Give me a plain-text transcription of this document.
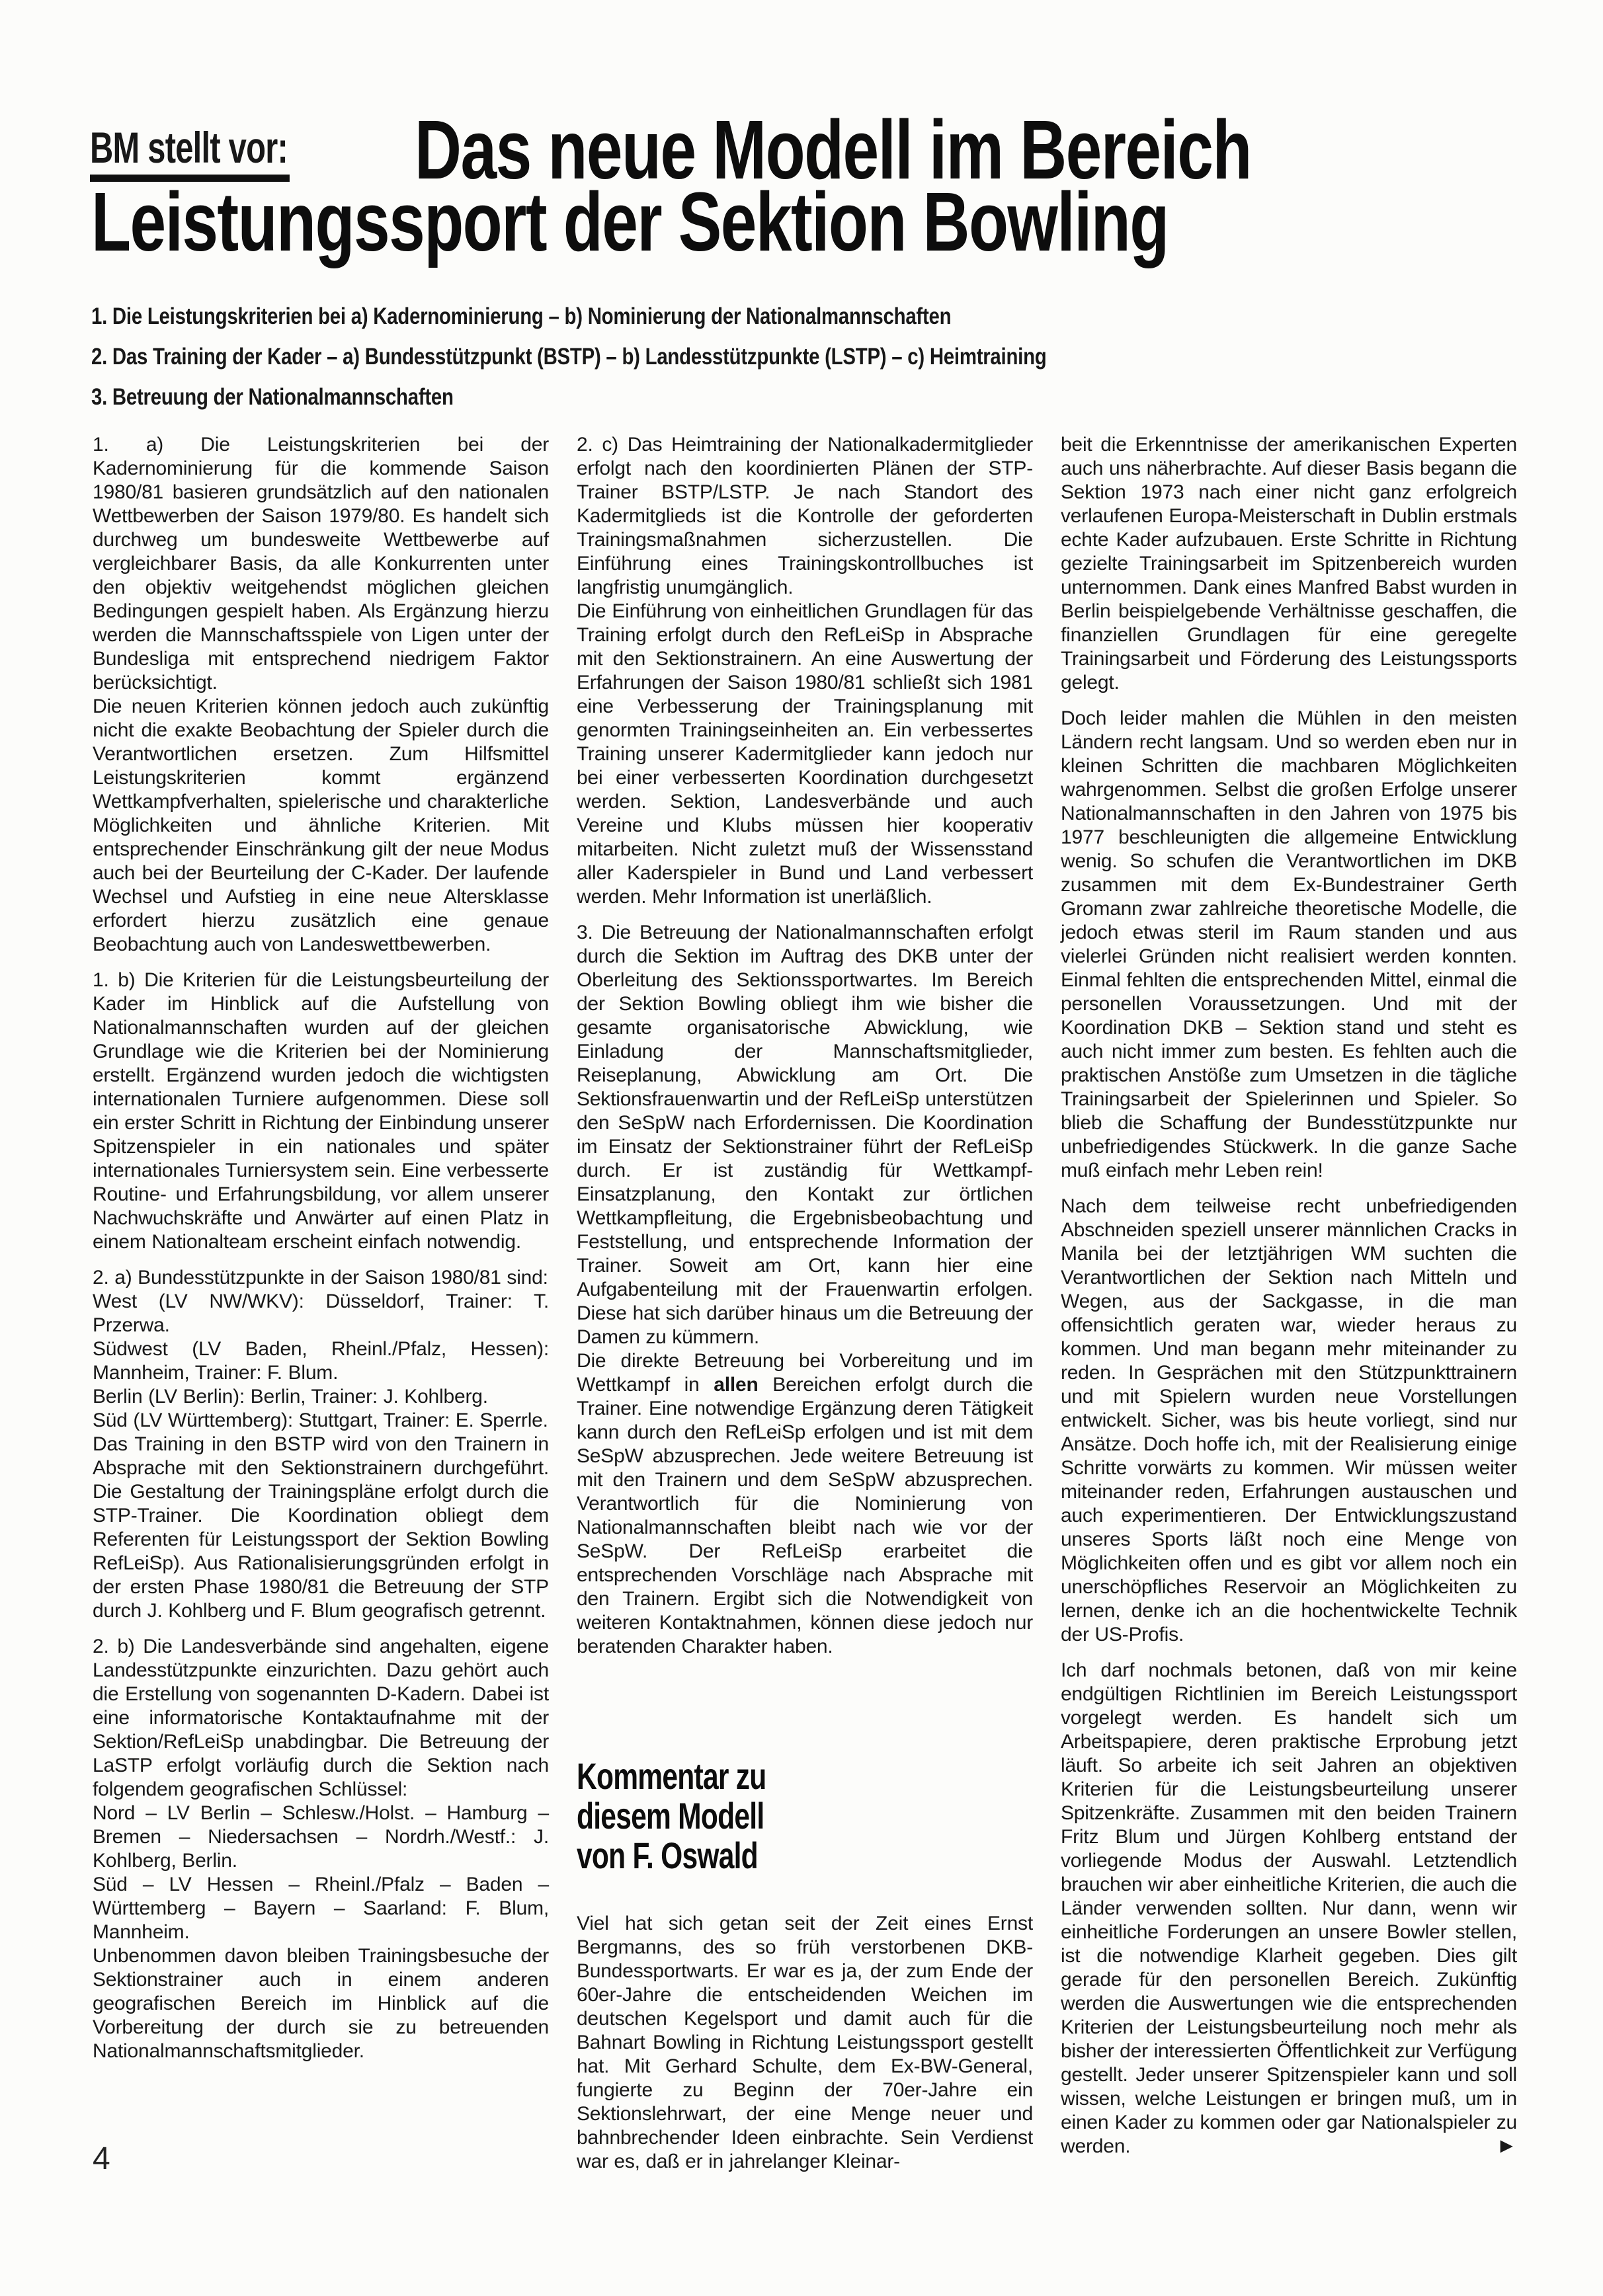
BM stellt vor:	Das neue Modell im Bereich
Leistungssport der Sektion Bowling
1. Die Leistungskriterien bei a) Kadernominierung – b) Nominierung der Nationalmannschaften
2. Das Training der Kader – a) Bundesstützpunkt (BSTP) – b) Landesstützpunkte (LSTP) – c) Heimtraining
3. Betreuung der Nationalmannschaften

1. a) Die Leistungskriterien bei der Kadernominierung für die kommende Saison 1980/81 basieren grundsätzlich auf den nationalen Wettbewerben der Saison 1979/80. Es handelt sich durchweg um bundesweite Wettbewerbe auf vergleichbarer Basis, da alle Konkurrenten unter den objektiv weitgehendst möglichen gleichen Bedingungen gespielt haben. Als Ergänzung hierzu werden die Mannschaftsspiele von Ligen unter der Bundesliga mit entsprechend niedrigem Faktor berücksichtigt.

Die neuen Kriterien können jedoch auch zukünftig nicht die exakte Beobachtung der Spieler durch die Verantwortlichen ersetzen. Zum Hilfsmittel Leistungskriterien kommt ergänzend Wettkampfverhalten, spielerische und charakterliche Möglichkeiten und ähnliche Kriterien. Mit entsprechender Einschränkung gilt der neue Modus auch bei der Beurteilung der C-Kader. Der laufende Wechsel und Aufstieg in eine neue Altersklasse erfordert hierzu zusätzlich eine genaue Beobachtung auch von Landeswettbewerben.

1. b) Die Kriterien für die Leistungsbeurteilung der Kader im Hinblick auf die Aufstellung von Nationalmannschaften wurden auf der gleichen Grundlage wie die Kriterien bei der Nominierung erstellt. Ergänzend wurden jedoch die wichtigsten internationalen Turniere aufgenommen. Diese soll ein erster Schritt in Richtung der Einbindung unserer Spitzenspieler in ein nationales und später internationales Turniersystem sein. Eine verbesserte Routine- und Erfahrungsbildung, vor allem unserer Nachwuchskräfte und Anwärter auf einen Platz in einem Nationalteam erscheint einfach notwendig.

2. a) Bundesstützpunkte in der Saison 1980/81 sind:

West (LV NW/WKV): Düsseldorf, Trainer: T. Przerwa.

Südwest (LV Baden, Rheinl./Pfalz, Hessen): Mannheim, Trainer: F. Blum.

Berlin (LV Berlin): Berlin, Trainer: J. Kohlberg.

Süd (LV Württemberg): Stuttgart, Trainer: E. Sperrle.

Das Training in den BSTP wird von den Trainern in Absprache mit den Sektionstrainern durchgeführt. Die Gestaltung der Trainingspläne erfolgt durch die STP-Trainer. Die Koordination obliegt dem Referenten für Leistungssport der Sektion Bowling RefLeiSp). Aus Rationalisierungsgründen erfolgt in der ersten Phase 1980/81 die Betreuung der STP durch J. Kohlberg und F. Blum geografisch getrennt.

2. b) Die Landesverbände sind angehalten, eigene Landesstützpunkte einzurichten. Dazu gehört auch die Erstellung von sogenannten D-Kadern. Dabei ist eine informatorische Kontaktaufnahme mit der Sektion/RefLeiSp unabdingbar. Die Betreuung der LaSTP erfolgt vorläufig durch die Sektion nach folgendem geografischen Schlüssel:

Nord – LV Berlin – Schlesw./Holst. – Hamburg – Bremen – Niedersachsen – Nordrh./Westf.: J. Kohlberg, Berlin.

Süd – LV Hessen – Rheinl./Pfalz – Baden – Württemberg – Bayern – Saarland: F. Blum, Mannheim.

Unbenommen davon bleiben Trainingsbesuche der Sektionstrainer auch in einem anderen geografischen Bereich im Hinblick auf die Vorbereitung der durch sie zu betreuenden Nationalmannschaftsmitglieder.

2. c) Das Heimtraining der Nationalkadermitglieder erfolgt nach den koordinierten Plänen der STP-Trainer BSTP/LSTP. Je nach Standort des Kadermitglieds ist die Kontrolle der geforderten Trainingsmaßnahmen sicherzustellen. Die Einführung eines Trainingskontrollbuches ist langfristig unumgänglich.

Die Einführung von einheitlichen Grundlagen für das Training erfolgt durch den RefLeiSp in Absprache mit den Sektionstrainern. An eine Auswertung der Erfahrungen der Saison 1980/81 schließt sich 1981 eine Verbesserung der Trainingsplanung mit genormten Trainingseinheiten an. Ein verbessertes Training unserer Kadermitglieder kann jedoch nur bei einer verbesserten Koordination durchgesetzt werden. Sektion, Landesverbände und auch Vereine und Klubs müssen hier kooperativ mitarbeiten. Nicht zuletzt muß der Wissensstand aller Kaderspieler in Bund und Land verbessert werden. Mehr Information ist unerläßlich.

3. Die Betreuung der Nationalmannschaften erfolgt durch die Sektion im Auftrag des DKB unter der Oberleitung des Sektionssportwartes. Im Bereich der Sektion Bowling obliegt ihm wie bisher die gesamte organisatorische Abwicklung, wie Einladung der Mannschaftsmitglieder, Reiseplanung, Abwicklung am Ort. Die Sektionsfrauenwartin und der RefLeiSp unterstützen den SeSpW nach Erfordernissen. Die Koordination im Einsatz der Sektionstrainer führt der RefLeiSp durch. Er ist zuständig für Wettkampf-Einsatzplanung, den Kontakt zur örtlichen Wettkampfleitung, die Ergebnisbeobachtung und Feststellung, und entsprechende Information der Trainer. Soweit am Ort, kann hier eine Aufgabenteilung mit der Frauenwartin erfolgen. Diese hat sich darüber hinaus um die Betreuung der Damen zu kümmern.

Die direkte Betreuung bei Vorbereitung und im Wettkampf in allen Bereichen erfolgt durch die Trainer. Eine notwendige Ergänzung deren Tätigkeit kann durch den RefLeiSp erfolgen und ist mit dem SeSpW abzusprechen. Jede weitere Betreuung ist mit den Trainern und dem SeSpW abzusprechen. Verantwortlich für die Nominierung von Nationalmannschaften bleibt nach wie vor der SeSpW. Der RefLeiSp erarbeitet die entsprechenden Vorschläge nach Absprache mit den Trainern. Ergibt sich die Notwendigkeit von weiteren Kontaktnahmen, können diese jedoch nur beratenden Charakter haben.

Kommentar zu
diesem Modell
von F. Oswald

Viel hat sich getan seit der Zeit eines Ernst Bergmanns, des so früh verstorbenen DKB-Bundessportwarts. Er war es ja, der zum Ende der 60er-Jahre die entscheidenden Weichen im deutschen Kegelsport und damit auch für die Bahnart Bowling in Richtung Leistungssport gestellt hat. Mit Gerhard Schulte, dem Ex-BW-General, fungierte zu Beginn der 70er-Jahre ein Sektionslehrwart, der eine Menge neuer und bahnbrechender Ideen einbrachte. Sein Verdienst war es, daß er in jahrelanger Kleinar-

beit die Erkenntnisse der amerikanischen Experten auch uns näherbrachte. Auf dieser Basis begann die Sektion 1973 nach einer nicht ganz erfolgreich verlaufenen Europa-Meisterschaft in Dublin erstmals echte Kader aufzubauen. Erste Schritte in Richtung gezielte Trainingsarbeit im Spitzenbereich wurden unternommen. Dank eines Manfred Babst wurden in Berlin beispielgebende Verhältnisse geschaffen, die finanziellen Grundlagen für eine geregelte Trainingsarbeit und Förderung des Leistungssports gelegt.

Doch leider mahlen die Mühlen in den meisten Ländern recht langsam. Und so werden eben nur in kleinen Schritten die machbaren Möglichkeiten wahrgenommen. Selbst die großen Erfolge unserer Nationalmannschaften in den Jahren von 1975 bis 1977 beschleunigten die allgemeine Entwicklung wenig. So schufen die Verantwortlichen im DKB zusammen mit dem Ex-Bundestrainer Gerth Gromann zwar zahlreiche theoretische Modelle, die jedoch etwas steril im Raum standen und aus vielerlei Gründen nicht realisiert werden konnten. Einmal fehlten die entsprechenden Mittel, einmal die personellen Voraussetzungen. Und mit der Koordination DKB – Sektion stand und steht es auch nicht immer zum besten. Es fehlten auch die praktischen Anstöße zum Umsetzen in die tägliche Trainingsarbeit der Spielerinnen und Spieler. So blieb die Schaffung der Bundesstützpunkte nur unbefriedigendes Stückwerk. In die ganze Sache muß einfach mehr Leben rein!

Nach dem teilweise recht unbefriedigenden Abschneiden speziell unserer männlichen Cracks in Manila bei der letztjährigen WM suchten die Verantwortlichen der Sektion nach Mitteln und Wegen, aus der Sackgasse, in die man offensichtlich geraten war, wieder heraus zu kommen. Und man begann mehr miteinander zu reden. In Gesprächen mit den Stützpunkttrainern und mit Spielern wurden neue Vorstellungen entwickelt. Sicher, was bis heute vorliegt, sind nur Ansätze. Doch hoffe ich, mit der Realisierung einige Schritte vorwärts zu kommen. Wir müssen weiter miteinander reden, Erfahrungen austauschen und auch experimentieren. Der Entwicklungszustand unseres Sports läßt noch eine Menge von Möglichkeiten offen und es gibt vor allem noch ein unerschöpfliches Reservoir an Möglichkeiten zu lernen, denke ich an die hochentwickelte Technik der US-Profis.

Ich darf nochmals betonen, daß von mir keine endgültigen Richtlinien im Bereich Leistungssport vorgelegt werden. Es handelt sich um Arbeitspapiere, deren praktische Erprobung jetzt läuft. So arbeite ich seit Jahren an objektiven Kriterien für die Leistungsbeurteilung unserer Spitzenkräfte. Zusammen mit den beiden Trainern Fritz Blum und Jürgen Kohlberg entstand der vorliegende Modus der Auswahl. Letztendlich brauchen wir aber einheitliche Kriterien, die auch die Länder verwenden sollten. Nur dann, wenn wir einheitliche Forderungen an unsere Bowler stellen, ist die notwendige Klarheit gegeben. Dies gilt gerade für den personellen Bereich. Zukünftig werden die Auswertungen wie die entsprechenden Kriterien der Leistungsbeurteilung noch mehr als bisher der interessierten Öffentlichkeit zur Verfügung gestellt. Jeder unserer Spitzenspieler kann und soll wissen, welche Leistungen er bringen muß, um in einen Kader zu kommen oder gar Nationalspieler zu werden.	►

4
